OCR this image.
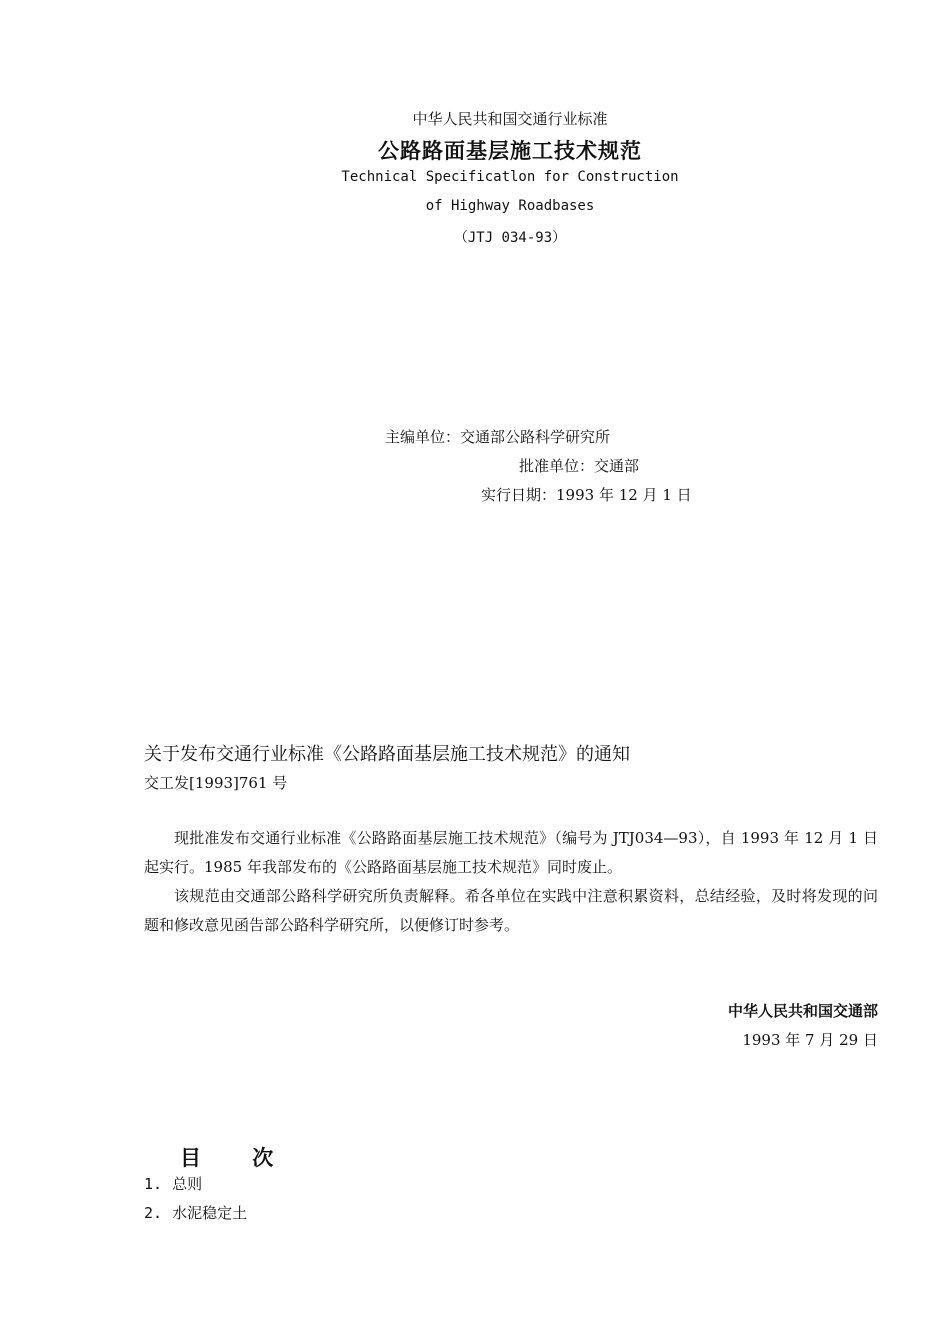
中华人民共和国交通行业标准
公路路面基层施工技术规范
Technical Specificatlon for Construction
of Highway Roadbases
（JTJ 034-93）
主编单位：交通部公路科学研究所
批准单位：交通部
实行日期：1993 年 12 月 1 日
关于发布交通行业标准《公路路面基层施工技术规范》的通知
交工发[1993]761 号

现批准发布交通行业标准《公路路面基层施工技术规范》（编号为 JTJ034—93），自 1993 年 12 月 1 日起实行。1985 年我部发布的《公路路面基层施工技术规范》同时废止。

该规范由交通部公路科学研究所负责解释。希各单位在实践中注意积累资料，总结经验，及时将发现的问题和修改意见函告部公路科学研究所，以便修订时参考。

中华人民共和国交通部
1993 年 7 月 29 日
目 次
1. 总则
2. 水泥稳定土
